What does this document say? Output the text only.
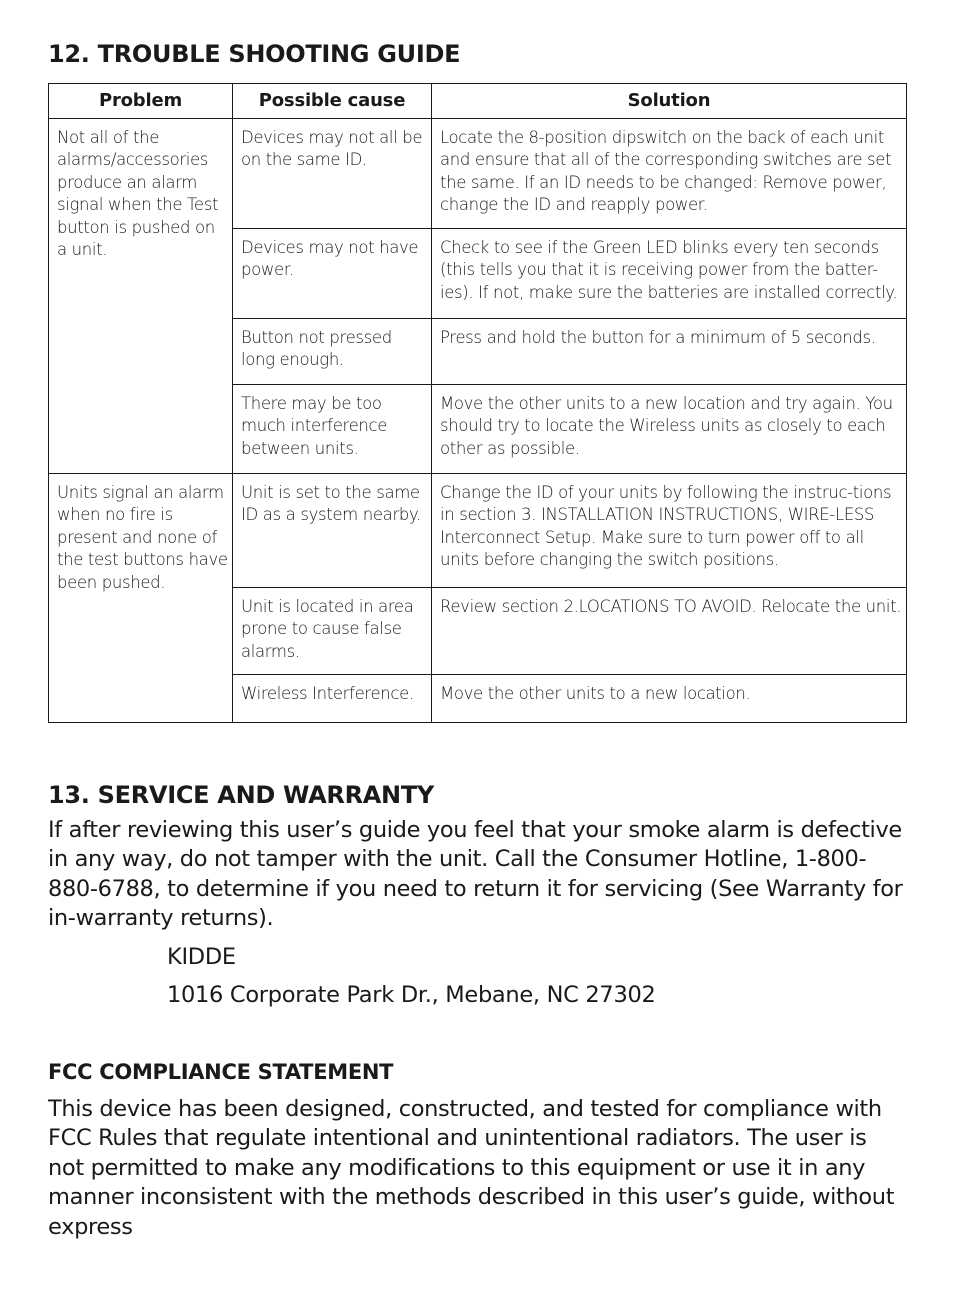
12. TROUBLE SHOOTING GUIDE
Problem	Possible cause	Solution
Not all of the alarms/accessories produce an alarm signal when the Test button is pushed on a unit.	Devices may not all be on the same ID.	Locate the 8-position dipswitch on the back of each unit and ensure that all of the corresponding switches are set the same. If an ID needs to be changed: Remove power, change the ID and reapply power.
	Devices may not have power.	Check to see if the Green LED blinks every ten seconds (this tells you that it is receiving power from the batter-ies). If not, make sure the batteries are installed correctly.
	Button not pressed long enough.	Press and hold the button for a minimum of 5 seconds.
	There may be too much interference between units.	Move the other units to a new location and try again. You should try to locate the Wireless units as closely to each other as possible.
Units signal an alarm when no fire is present and none of the test buttons have been pushed.	Unit is set to the same ID as a system nearby.	Change the ID of your units by following the instruc-tions in section 3. INSTALLATION INSTRUCTIONS, WIRE-LESS Interconnect Setup. Make sure to turn power off to all units before changing the switch positions.
	Unit is located in area prone to cause false alarms.	Review section 2.LOCATIONS TO AVOID. Relocate the unit.
	Wireless Interference.	Move the other units to a new location.
13. SERVICE AND WARRANTY

If after reviewing this user’s guide you feel that your smoke alarm is defective in any way, do not tamper with the unit. Call the Consumer Hotline, 1-800-880-6788, to determine if you need to return it for servicing (See Warranty for in-warranty returns).

KIDDE
1016 Corporate Park Dr., Mebane, NC 27302
FCC COMPLIANCE STATEMENT

This device has been designed, constructed, and tested for compliance with FCC Rules that regulate intentional and unintentional radiators. The user is not permitted to make any modifications to this equipment or use it in any manner inconsistent with the methods described in this user’s guide, without express
